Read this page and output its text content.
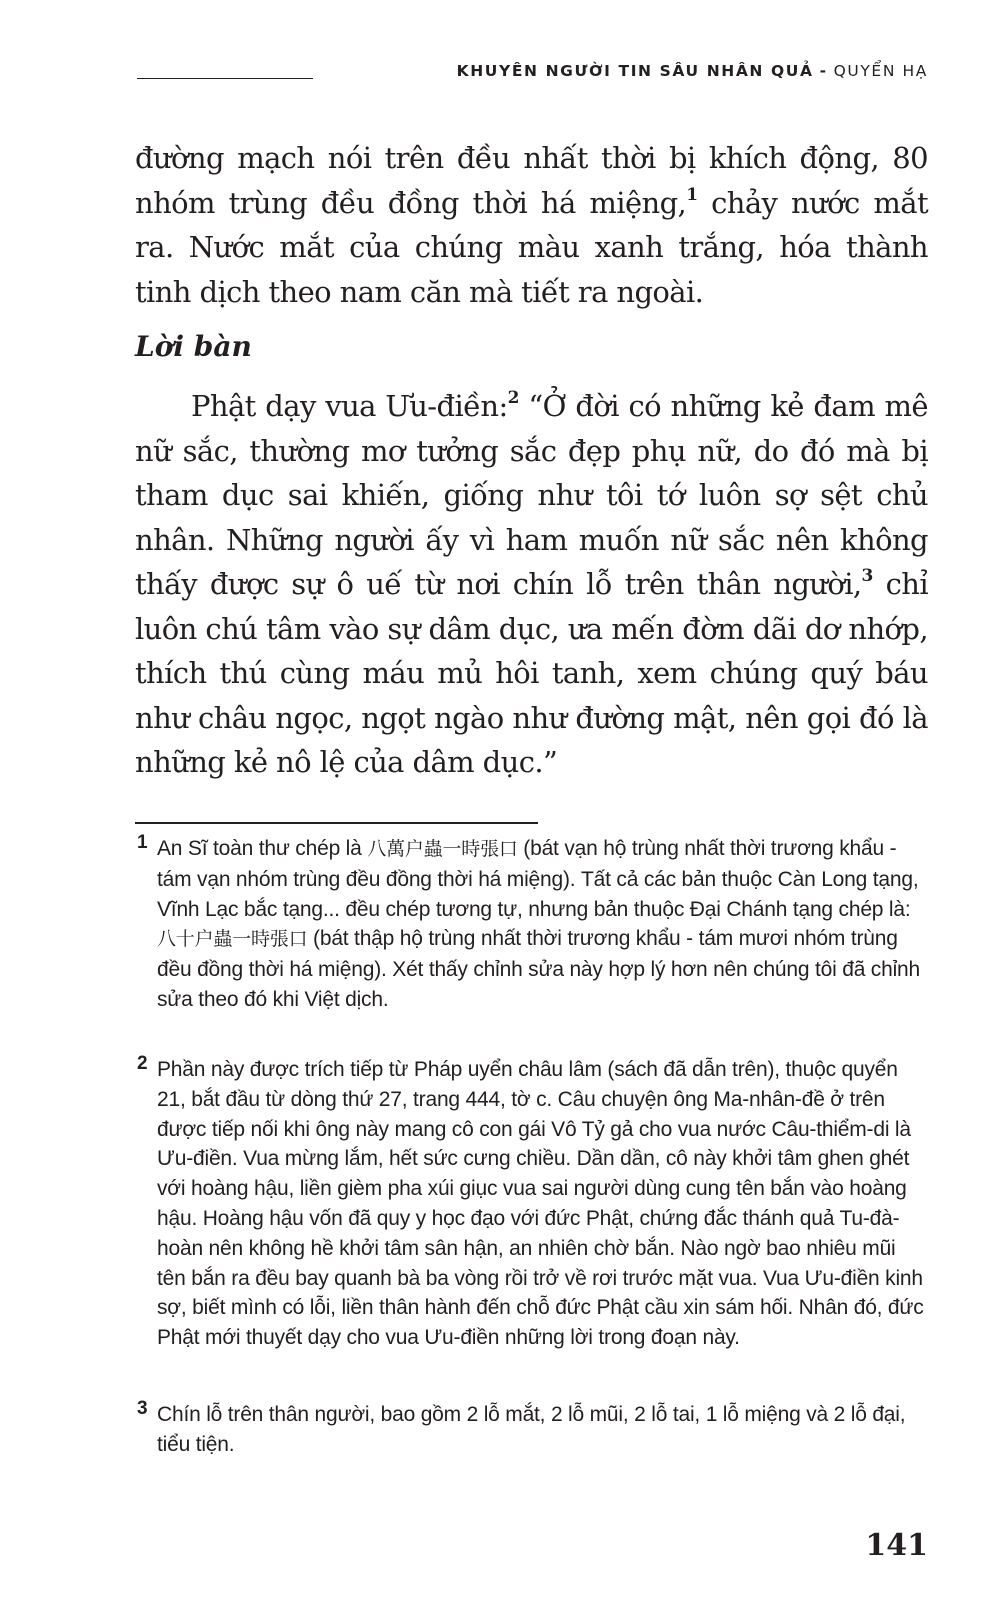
KHUYÊN NGƯỜI TIN SÂU NHÂN QUẢ - QUYỂN HẠ

đường mạch nói trên đều nhất thời bị khích động, 80 nhóm trùng đều đồng thời há miệng,$^1$ chảy nước mắt ra. Nước mắt của chúng màu xanh trắng, hóa thành tinh dịch theo nam căn mà tiết ra ngoài.

Lời bàn

Phật dạy vua Ưu-điền:$^2$ “Ở đời có những kẻ đam mê nữ sắc, thường mơ tưởng sắc đẹp phụ nữ, do đó mà bị tham dục sai khiến, giống như tôi tớ luôn sợ sệt chủ nhân. Những người ấy vì ham muốn nữ sắc nên không thấy được sự ô uế từ nơi chín lỗ trên thân người,$^3$ chỉ luôn chú tâm vào sự dâm dục, ưa mến đờm dãi dơ nhớp, thích thú cùng máu mủ hôi tanh, xem chúng quý báu như châu ngọc, ngọt ngào như đường mật, nên gọi đó là những kẻ nô lệ của dâm dục.”

1 An Sĩ toàn thư chép là 八萬户蟲一時張口 (bát vạn hộ trùng nhất thời trương khẩu - tám vạn nhóm trùng đều đồng thời há miệng). Tất cả các bản thuộc Càn Long tạng, Vĩnh Lạc bắc tạng... đều chép tương tự, nhưng bản thuộc Đại Chánh tạng chép là: 八十户蟲一時張口 (bát thập hộ trùng nhất thời trương khẩu - tám mươi nhóm trùng đều đồng thời há miệng). Xét thấy chỉnh sửa này hợp lý hơn nên chúng tôi đã chỉnh sửa theo đó khi Việt dịch.
2 Phần này được trích tiếp từ Pháp uyển châu lâm (sách đã dẫn trên), thuộc quyển 21, bắt đầu từ dòng thứ 27, trang 444, tờ c. Câu chuyện ông Ma-nhân-đề ở trên được tiếp nối khi ông này mang cô con gái Vô Tỷ gả cho vua nước Câu-thiểm-di là Ưu-điền. Vua mừng lắm, hết sức cưng chiều. Dần dần, cô này khởi tâm ghen ghét với hoàng hậu, liền gièm pha xúi giục vua sai người dùng cung tên bắn vào hoàng hậu. Hoàng hậu vốn đã quy y học đạo với đức Phật, chứng đắc thánh quả Tu-đà-hoàn nên không hề khởi tâm sân hận, an nhiên chờ bắn. Nào ngờ bao nhiêu mũi tên bắn ra đều bay quanh bà ba vòng rồi trở về rơi trước mặt vua. Vua Ưu-điền kinh sợ, biết mình có lỗi, liền thân hành đến chỗ đức Phật cầu xin sám hối. Nhân đó, đức Phật mới thuyết dạy cho vua Ưu-điền những lời trong đoạn này.
3 Chín lỗ trên thân người, bao gồm 2 lỗ mắt, 2 lỗ mũi, 2 lỗ tai, 1 lỗ miệng và 2 lỗ đại, tiểu tiện.
141
